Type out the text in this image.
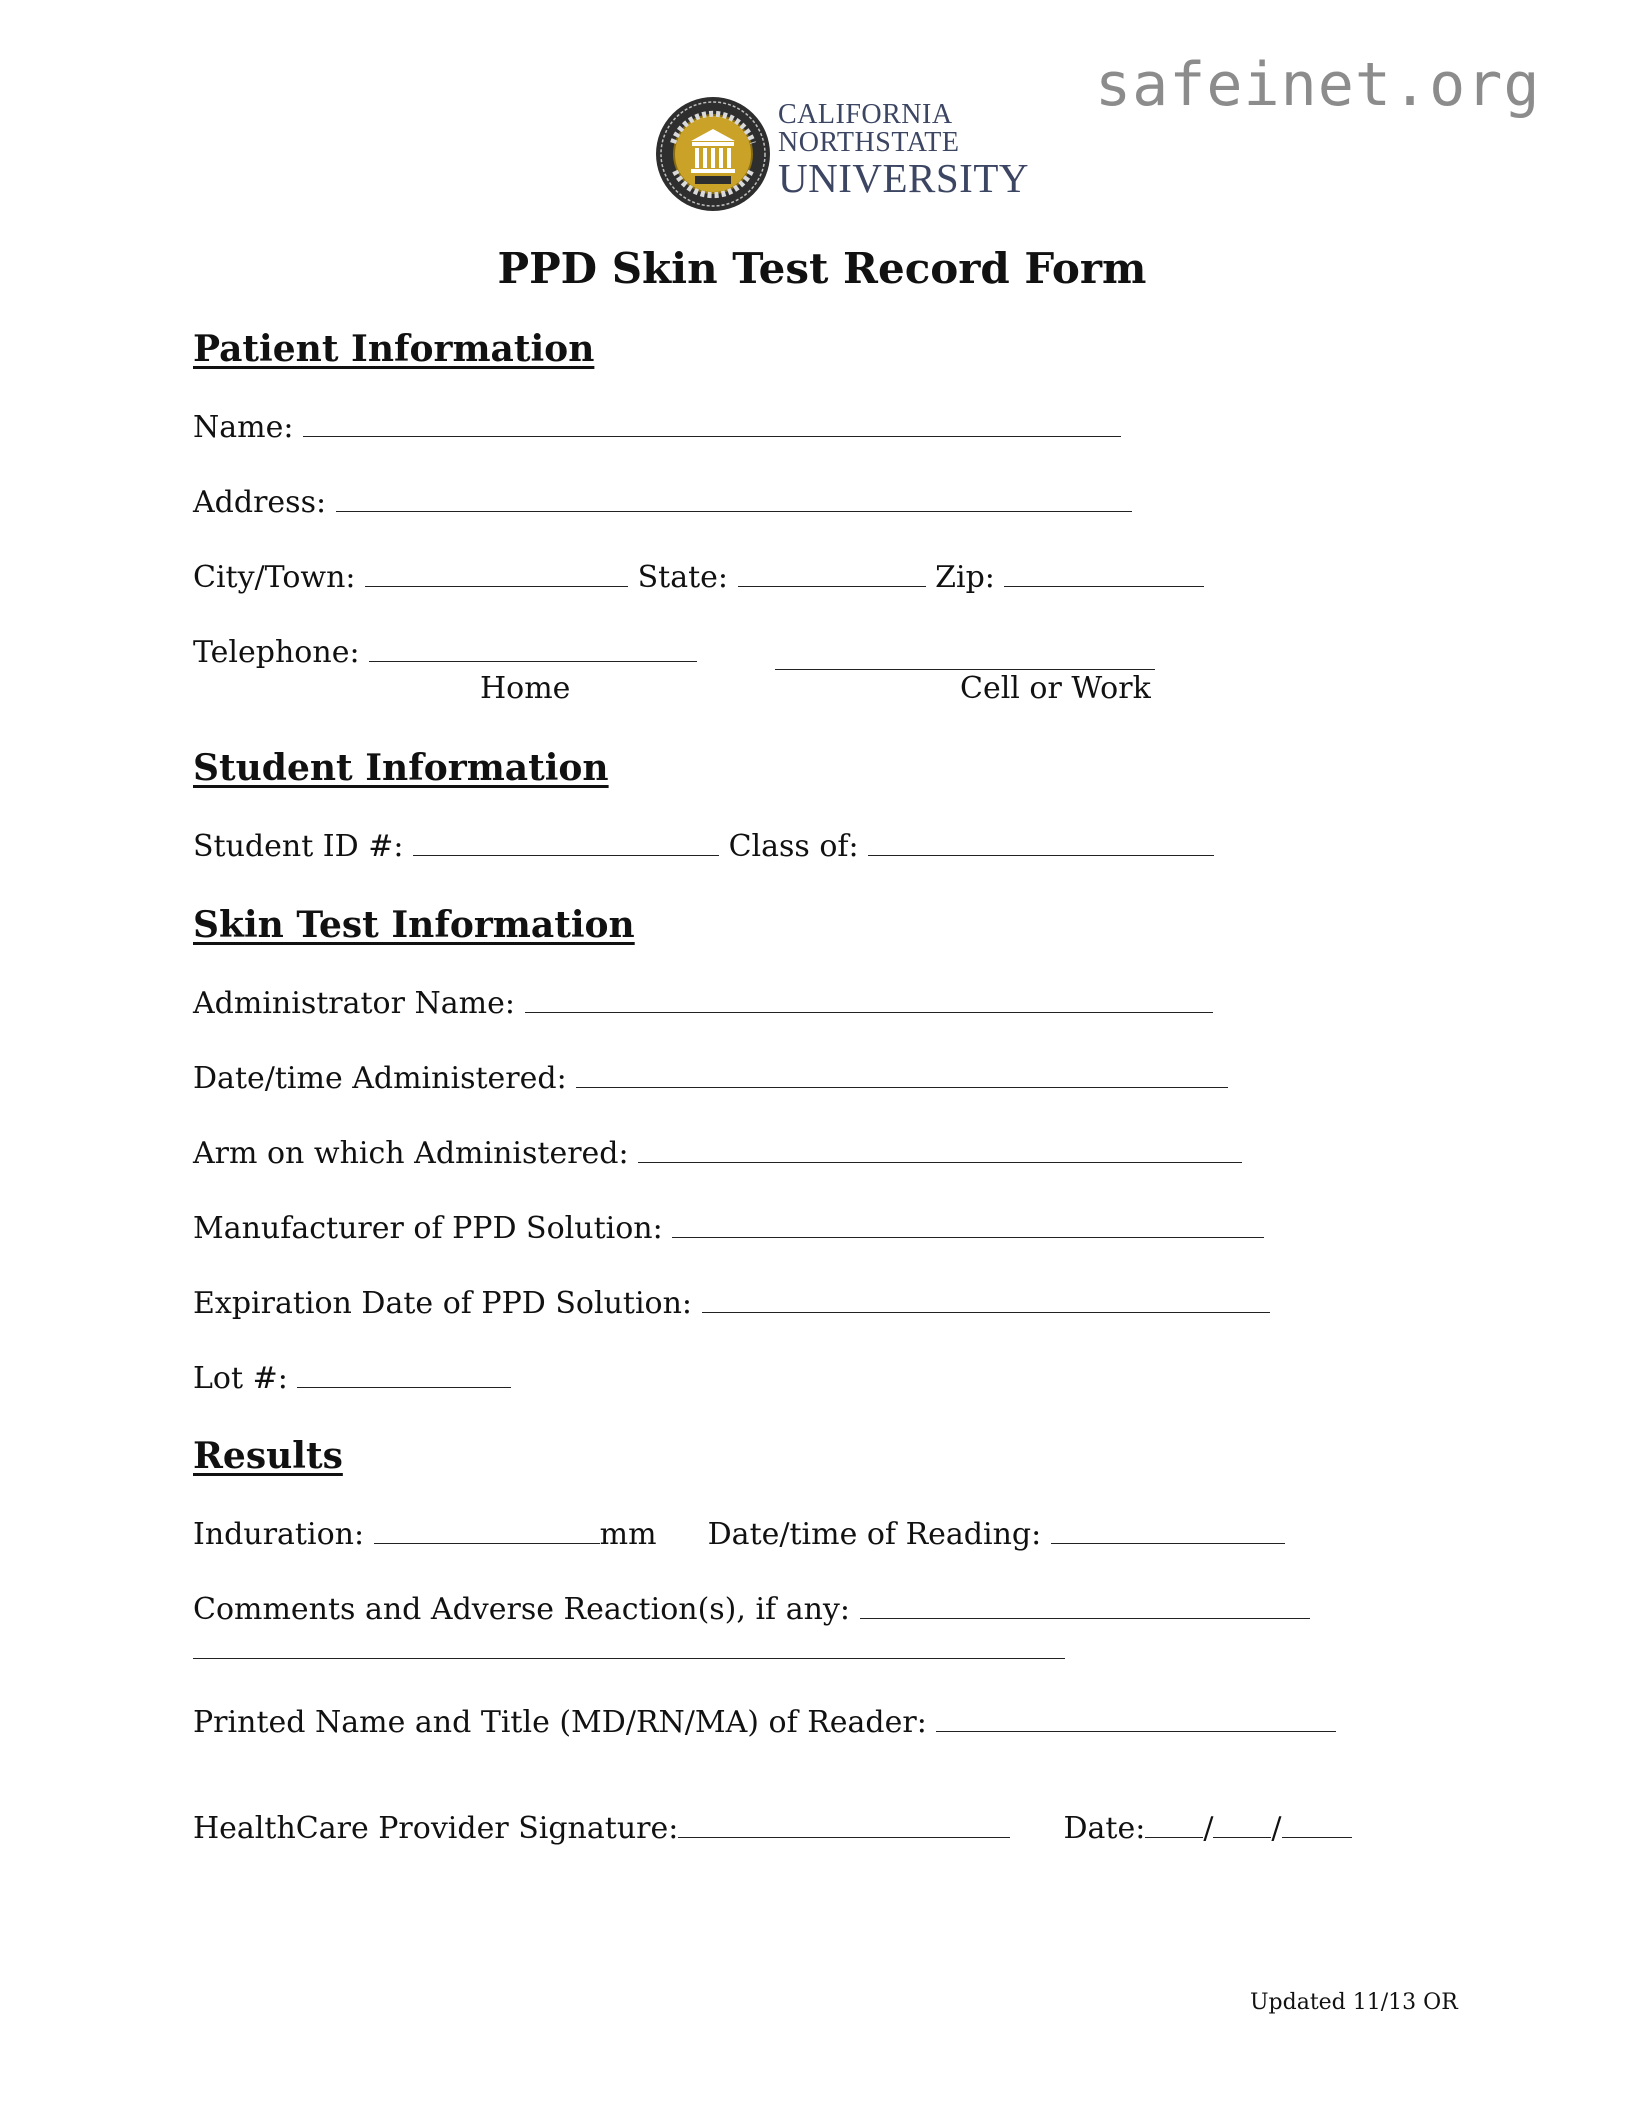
safeinet.org
CALIFORNIA
NORTHSTATE
UNIVERSITY
PPD Skin Test Record Form
Patient Information
Name:
Address:
City/Town:	State:	Zip:
Telephone:
Home	Cell or Work
Student Information
Student ID #:	Class of:
Skin Test Information
Administrator Name:
Date/time Administered:
Arm on which Administered:
Manufacturer of PPD Solution:
Expiration Date of PPD Solution:
Lot #:
Results
Induration:	mm Date/time of Reading:
Comments and Adverse Reaction(s), if any:
Printed Name and Title (MD/RN/MA) of Reader:
HealthCare Provider Signature:	Date: / /
Updated 11/13 OR
